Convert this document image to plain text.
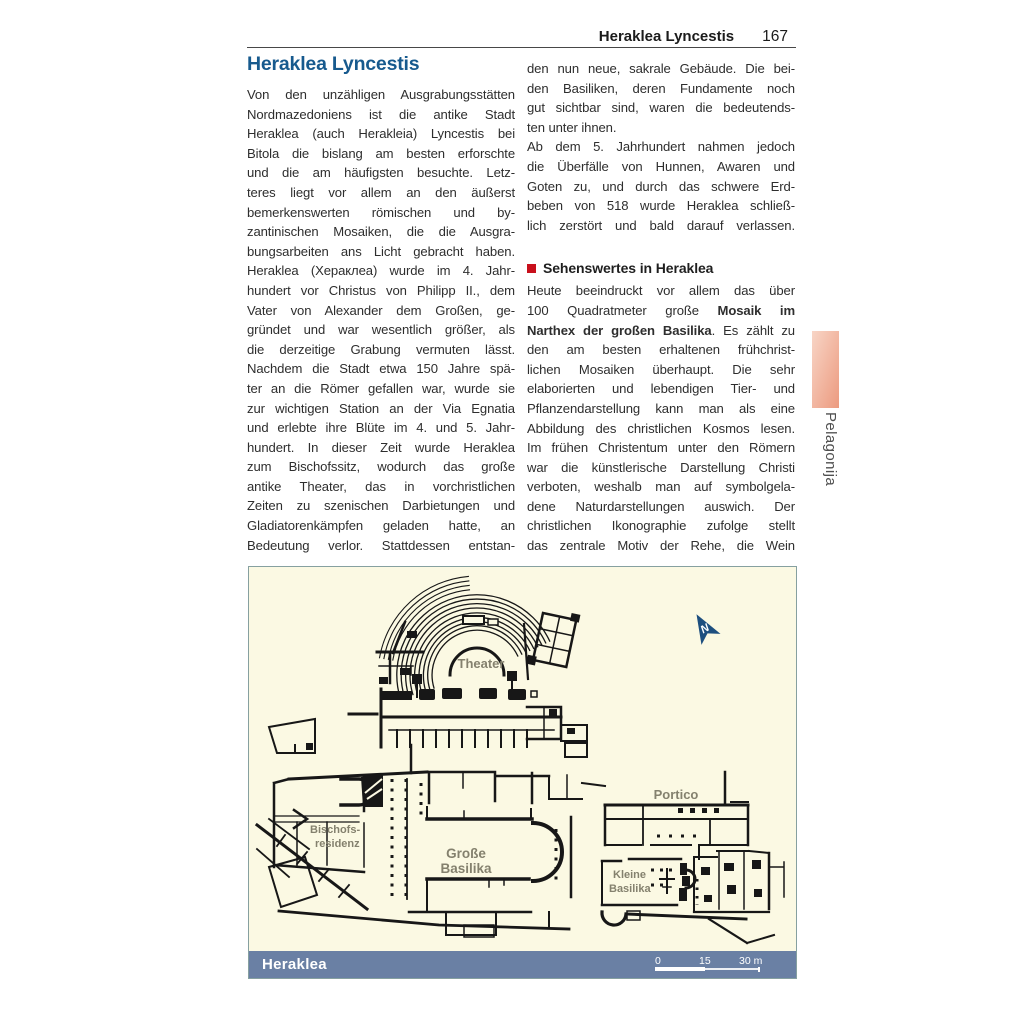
Heraklea Lyncestis 167
Heraklea Lyncestis
Von den unzähligen Ausgrabungsstätten
Nordmazedoniens ist die antike Stadt
Heraklea (auch Herakleia) Lyncestis bei
Bitola die bislang am besten erforschte
und die am häufigsten besuchte. Letz-
teres liegt vor allem an den äußerst
bemerkenswerten römischen und by-
zantinischen Mosaiken, die die Ausgra-
bungsarbeiten ans Licht gebracht haben.
Heraklea (Хераклеа) wurde im 4. Jahr-
hundert vor Christus von Philipp II., dem
Vater von Alexander dem Großen, ge-
gründet und war wesentlich größer, als
die derzeitige Grabung vermuten lässt.
Nachdem die Stadt etwa 150 Jahre spä-
ter an die Römer gefallen war, wurde sie
zur wichtigen Station an der Via Egnatia
und erlebte ihre Blüte im 4. und 5. Jahr-
hundert. In dieser Zeit wurde Heraklea
zum Bischofssitz, wodurch das große
antike Theater, das in vorchristlichen
Zeiten zu szenischen Darbietungen und
Gladiatorenkämpfen geladen hatte, an
Bedeutung verlor. Stattdessen entstan-
den nun neue, sakrale Gebäude. Die bei-
den Basiliken, deren Fundamente noch
gut sichtbar sind, waren die bedeutends-
ten unter ihnen.
Ab dem 5. Jahrhundert nahmen jedoch
die Überfälle von Hunnen, Awaren und
Goten zu, und durch das schwere Erd-
beben von 518 wurde Heraklea schließ-
lich zerstört und bald darauf verlassen.
Sehenswertes in Heraklea
Heute beeindruckt vor allem das über
100 Quadratmeter große Mosaik im
Narthex der großen Basilika. Es zählt zu
den am besten erhaltenen frühchrist-
lichen Mosaiken überhaupt. Die sehr
elaborierten und lebendigen Tier- und
Pflanzendarstellung kann man als eine
Abbildung des christlichen Kosmos lesen.
Im frühen Christentum unter den Römern
war die künstlerische Darstellung Christi
verboten, weshalb man auf symbolgela-
dene Naturdarstellungen auswich. Der
christlichen Ikonographie zufolge stellt
das zentrale Motiv der Rehe, die Wein
Theater
Bischofs-
residenz
Große
Basilika
Portico
Kleine
Basilika
N
Heraklea	0	15	30 m
Pelagonija
